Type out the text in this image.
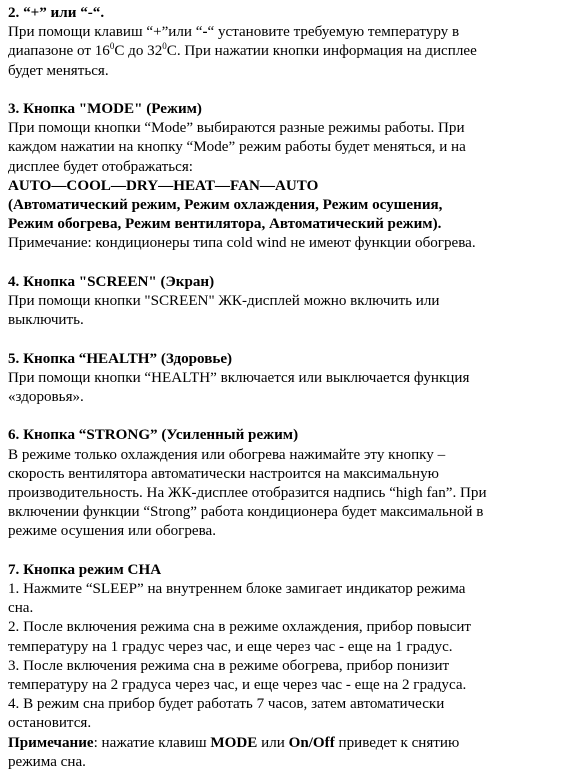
2. “+” или “-“.
При помощи клавиш “+”или “-“ установите требуемую температуру в
диапазоне от $16^0C$ до $32^0C$. При нажатии кнопки информация на дисплее
будет меняться.
3. Кнопка "MODE" (Режим)
При помощи кнопки “Mode” выбираются разные режимы работы. При
каждом нажатии на кнопку “Mode” режим работы будет меняться, и на
дисплее будет отображаться:
AUTO—COOL—DRY—HEAT—FAN—AUTO
(Автоматический режим, Режим охлаждения, Режим осушения,
Режим обогрева, Режим вентилятора, Автоматический режим).
Примечание: кондиционеры типа cold wind не имеют функции обогрева.
4. Кнопка "SCREEN" (Экран)
При помощи кнопки "SCREEN" ЖК-дисплей можно включить или
выключить.
5. Кнопка “HEALTH” (Здоровье)
При помощи кнопки “HEALTH” включается или выключается функция
«здоровья».
6. Кнопка “STRONG” (Усиленный режим)
В режиме только охлаждения или обогрева нажимайте эту кнопку –
скорость вентилятора автоматически настроится на максимальную
производительность. На ЖК-дисплее отобразится надпись “high fan”. При
включении функции “Strong” работа кондиционера будет максимальной в
режиме осушения или обогрева.
7. Кнопка режим СНА
1. Нажмите “SLEEP” на внутреннем блоке замигает индикатор режима
сна.
2. После включения режима сна в режиме охлаждения, прибор повысит
температуру на 1 градус через час, и еще через час - еще на 1 градус.
3. После включения режима сна в режиме обогрева, прибор понизит
температуру на 2 градуса через час, и еще через час - еще на 2 градуса.
4. В режим сна прибор будет работать 7 часов, затем автоматически
остановится.
Примечание: нажатие клавиш MODE или On/Off приведет к снятию
режима сна.
